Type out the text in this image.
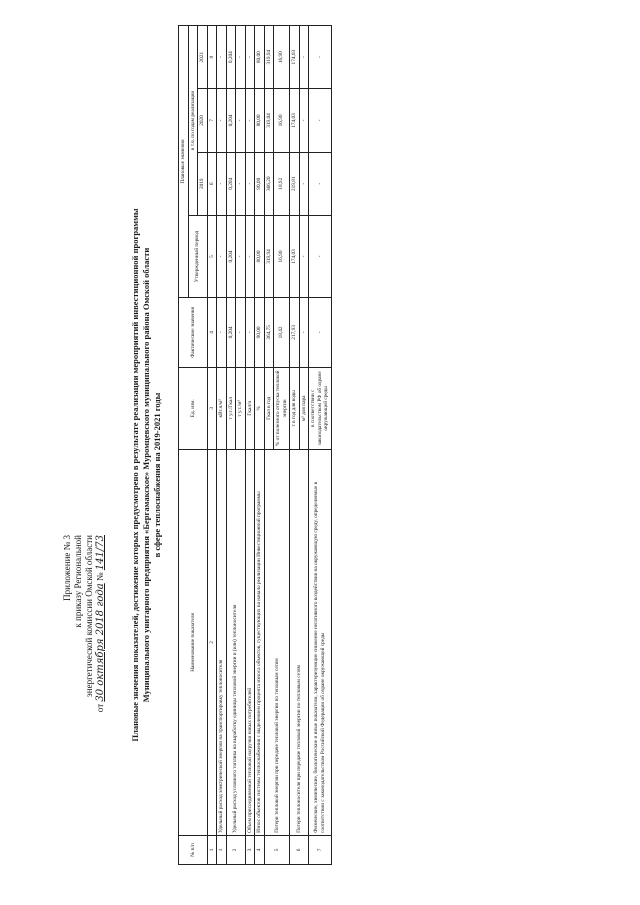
Приложение № 3 к приказу Региональной энергетической комиссии Омской области
от 30 октября 2018 года № 141/73	Плановые значения показателей, достижение которых предусмотрено в результате реализации мероприятий инвестиционной программы Муниципального унитарного предприятия «Бергамакское» Муромцевского муниципального района Омской области в сфере теплоснабжения на 2019-2021 годы
№ п/п	Наименование показателя	Ед. изм.	Фактические значения	Плановые значения			
				Утвержденный период	в т.ч. по годам реализации		
					2019	2020	2021
1	2	3	4	5	6	7	8
1	Удельный расход электрической энергии на транспортировку теплоносителя	кВт.ч/м³	-	-	-	-	-
2	Удельный расход условного топлива на выработку единицы тепловой энергии и (или) теплоносителя	т у.т./Гкал	0,204	0,204	0,204	0,204	0,204
		т у.т./м³	-	-	-	-	-
3	Объем присоединяемой тепловой нагрузки новых потребителей	Гкал/ч	-	-	-	-	-
4	Износ объектов системы теплоснабжения с выделением процента износа объектов, существующих на начало реализации Инвестиционной программы	%	90,00	80,00	90,00	80,00	80,00
5	Потери тепловой энергии при передаче тепловой энергии по тепловым сетям	Гкал в год	364,75	319,94	366,20	319,04	319,94
		% от полезного отпуска тепловой энергии	18,42	16,90	18,92	16,90	16,90
6	Потери теплоносителя при передаче тепловой энергии по тепловым сетям	т в год для воды	217,93	174,03	219,81	174,03	174,03
		м³ для пара	-	-	-	-	-
7	Физические, химические, биологические и иные показатели, характеризующие снижение негативного воздействия на окружающую среду, определяемые в соответствии с законодательством Российской Федерации об охране окружающей среды	в соответствии с законодательством РФ об охране окружающей среды	-	-	-	-	-
